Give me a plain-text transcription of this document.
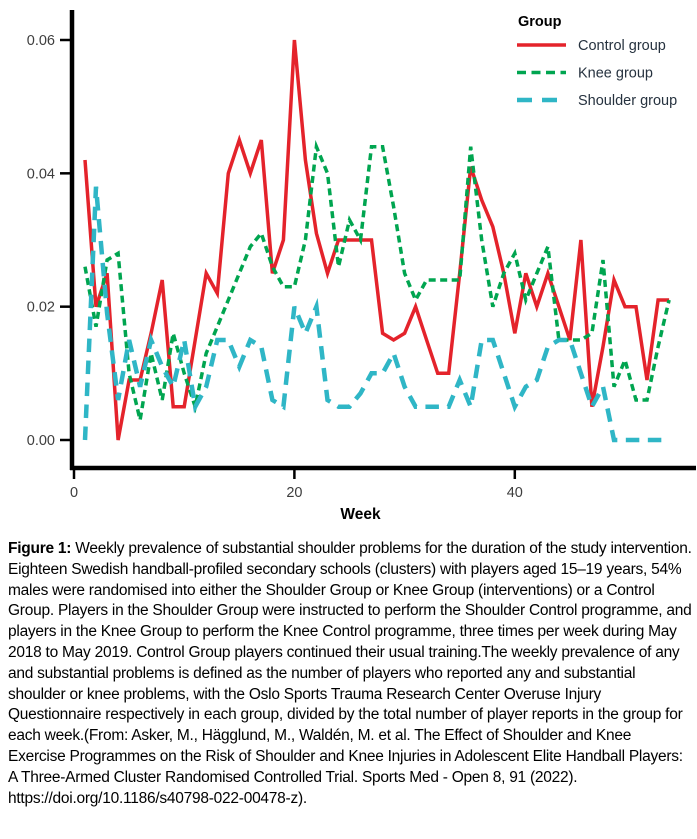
0.00
0.02
0.04
0.06
0	20	40
Week
Group
Control group
Knee group
Shoulder group
Figure 1: Weekly prevalence of substantial shoulder problems for the duration of the study intervention. Eighteen Swedish handball-profiled secondary schools (clusters) with players aged 15–19 years, 54% males were randomised into either the Shoulder Group or Knee Group (interventions) or a Control Group. Players in the Shoulder Group were instructed to perform the Shoulder Control programme, and players in the Knee Group to perform the Knee Control programme, three times per week during May 2018 to May 2019. Control Group players continued their usual training.The weekly prevalence of any and substantial problems is defined as the number of players who reported any and substantial shoulder or knee problems, with the Oslo Sports Trauma Research Center Overuse Injury Questionnaire respectively in each group, divided by the total number of player reports in the group for each week.(From: Asker, M., Hägglund, M., Waldén, M. et al. The Effect of Shoulder and Knee Exercise Programmes on the Risk of Shoulder and Knee Injuries in Adolescent Elite Handball Players: A Three-Armed Cluster Randomised Controlled Trial. Sports Med - Open 8, 91 (2022). https://doi.org/10.1186/s40798-022-00478-z).
